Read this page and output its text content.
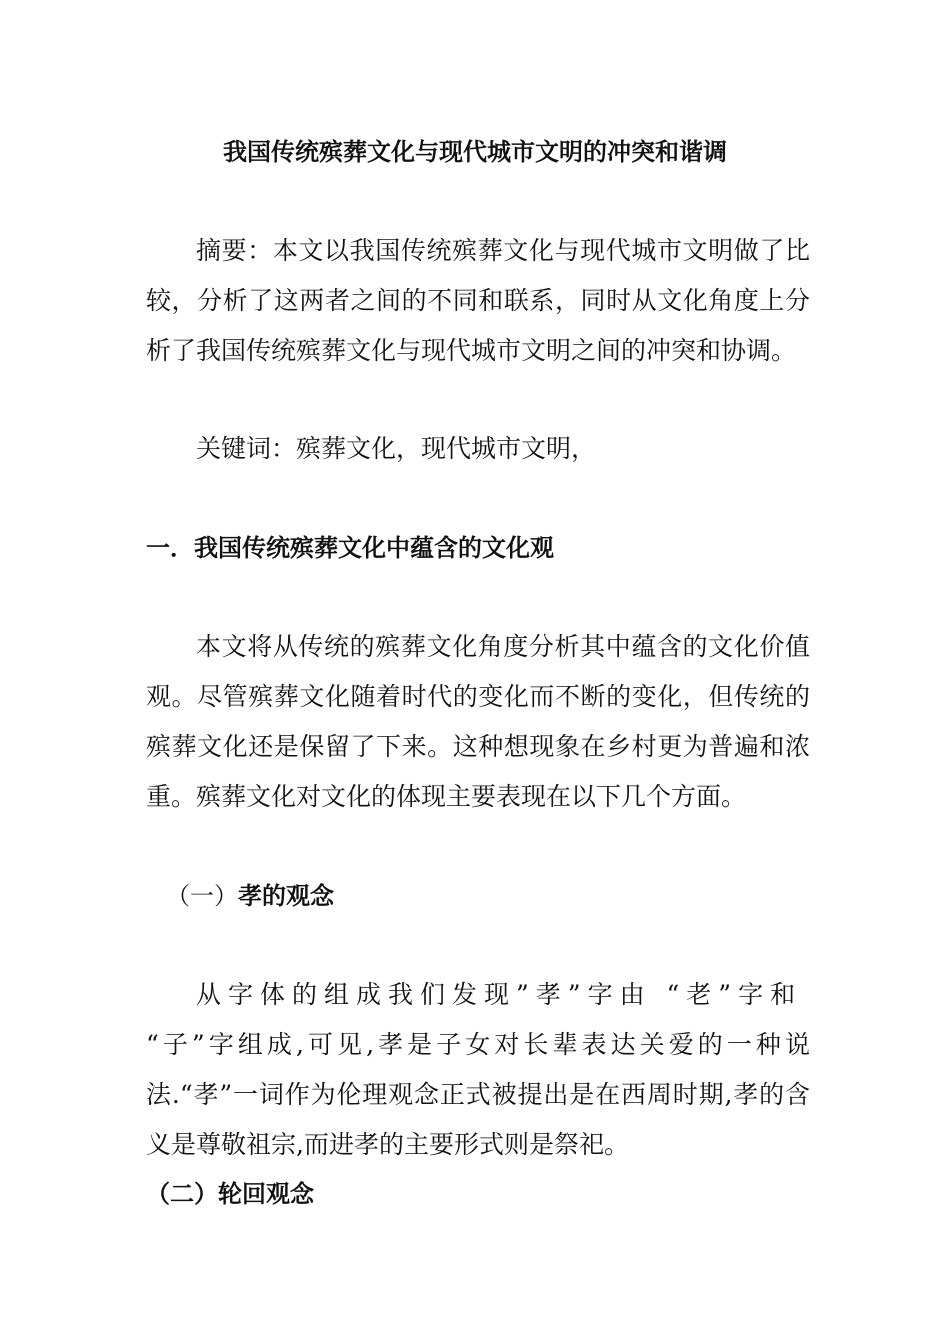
我国传统殡葬文化与现代城市文明的冲突和谐调

摘要：本文以我国传统殡葬文化与现代城市文明做了比较，分析了这两者之间的不同和联系，同时从文化角度上分析了我国传统殡葬文化与现代城市文明之间的冲突和协调。

关键词：殡葬文化，现代城市文明，

一．我国传统殡葬文化中蕴含的文化观

本文将从传统的殡葬文化角度分析其中蕴含的文化价值观。尽管殡葬文化随着时代的变化而不断的变化，但传统的殡葬文化还是保留了下来。这种想现象在乡村更为普遍和浓重。殡葬文化对文化的体现主要表现在以下几个方面。

（一）孝的观念

从字体的组成我们发现”孝”字由 “老”字和

“子”字组成,可见,孝是子女对长辈表达关爱的一种说法.“孝”一词作为伦理观念正式被提出是在西周时期,孝的含义是尊敬祖宗,而进孝的主要形式则是祭祀。

（二）轮回观念
